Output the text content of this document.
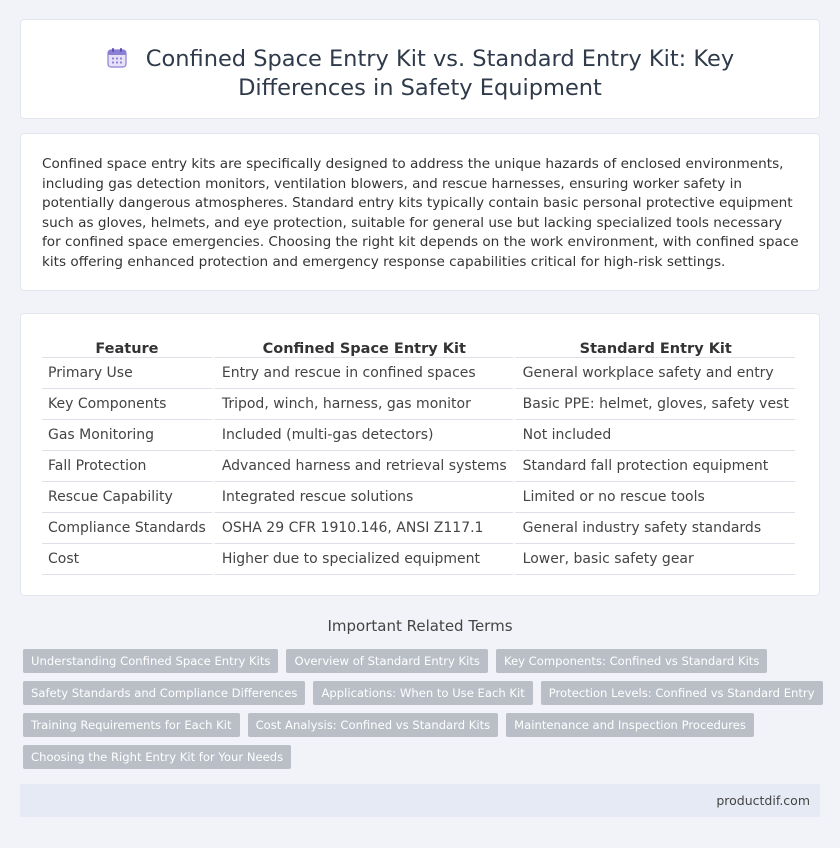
Confined Space Entry Kit vs. Standard Entry Kit: Key Differences in Safety Equipment

Confined space entry kits are specifically designed to address the unique hazards of enclosed environments, including gas detection monitors, ventilation blowers, and rescue harnesses, ensuring worker safety in potentially dangerous atmospheres. Standard entry kits typically contain basic personal protective equipment such as gloves, helmets, and eye protection, suitable for general use but lacking specialized tools necessary for confined space emergencies. Choosing the right kit depends on the work environment, with confined space kits offering enhanced protection and emergency response capabilities critical for high-risk settings.

Feature	Confined Space Entry Kit	Standard Entry Kit
Primary Use	Entry and rescue in confined spaces	General workplace safety and entry
Key Components	Tripod, winch, harness, gas monitor	Basic PPE: helmet, gloves, safety vest
Gas Monitoring	Included (multi-gas detectors)	Not included
Fall Protection	Advanced harness and retrieval systems	Standard fall protection equipment
Rescue Capability	Integrated rescue solutions	Limited or no rescue tools
Compliance Standards	OSHA 29 CFR 1910.146, ANSI Z117.1	General industry safety standards
Cost	Higher due to specialized equipment	Lower, basic safety gear
Important Related Terms
Understanding Confined Space Entry Kits	Overview of Standard Entry Kits	Key Components: Confined vs Standard Kits
Safety Standards and Compliance Differences	Applications: When to Use Each Kit	Protection Levels: Confined vs Standard Entry
Training Requirements for Each Kit	Cost Analysis: Confined vs Standard Kits	Maintenance and Inspection Procedures
Choosing the Right Entry Kit for Your Needs
productdif.com
